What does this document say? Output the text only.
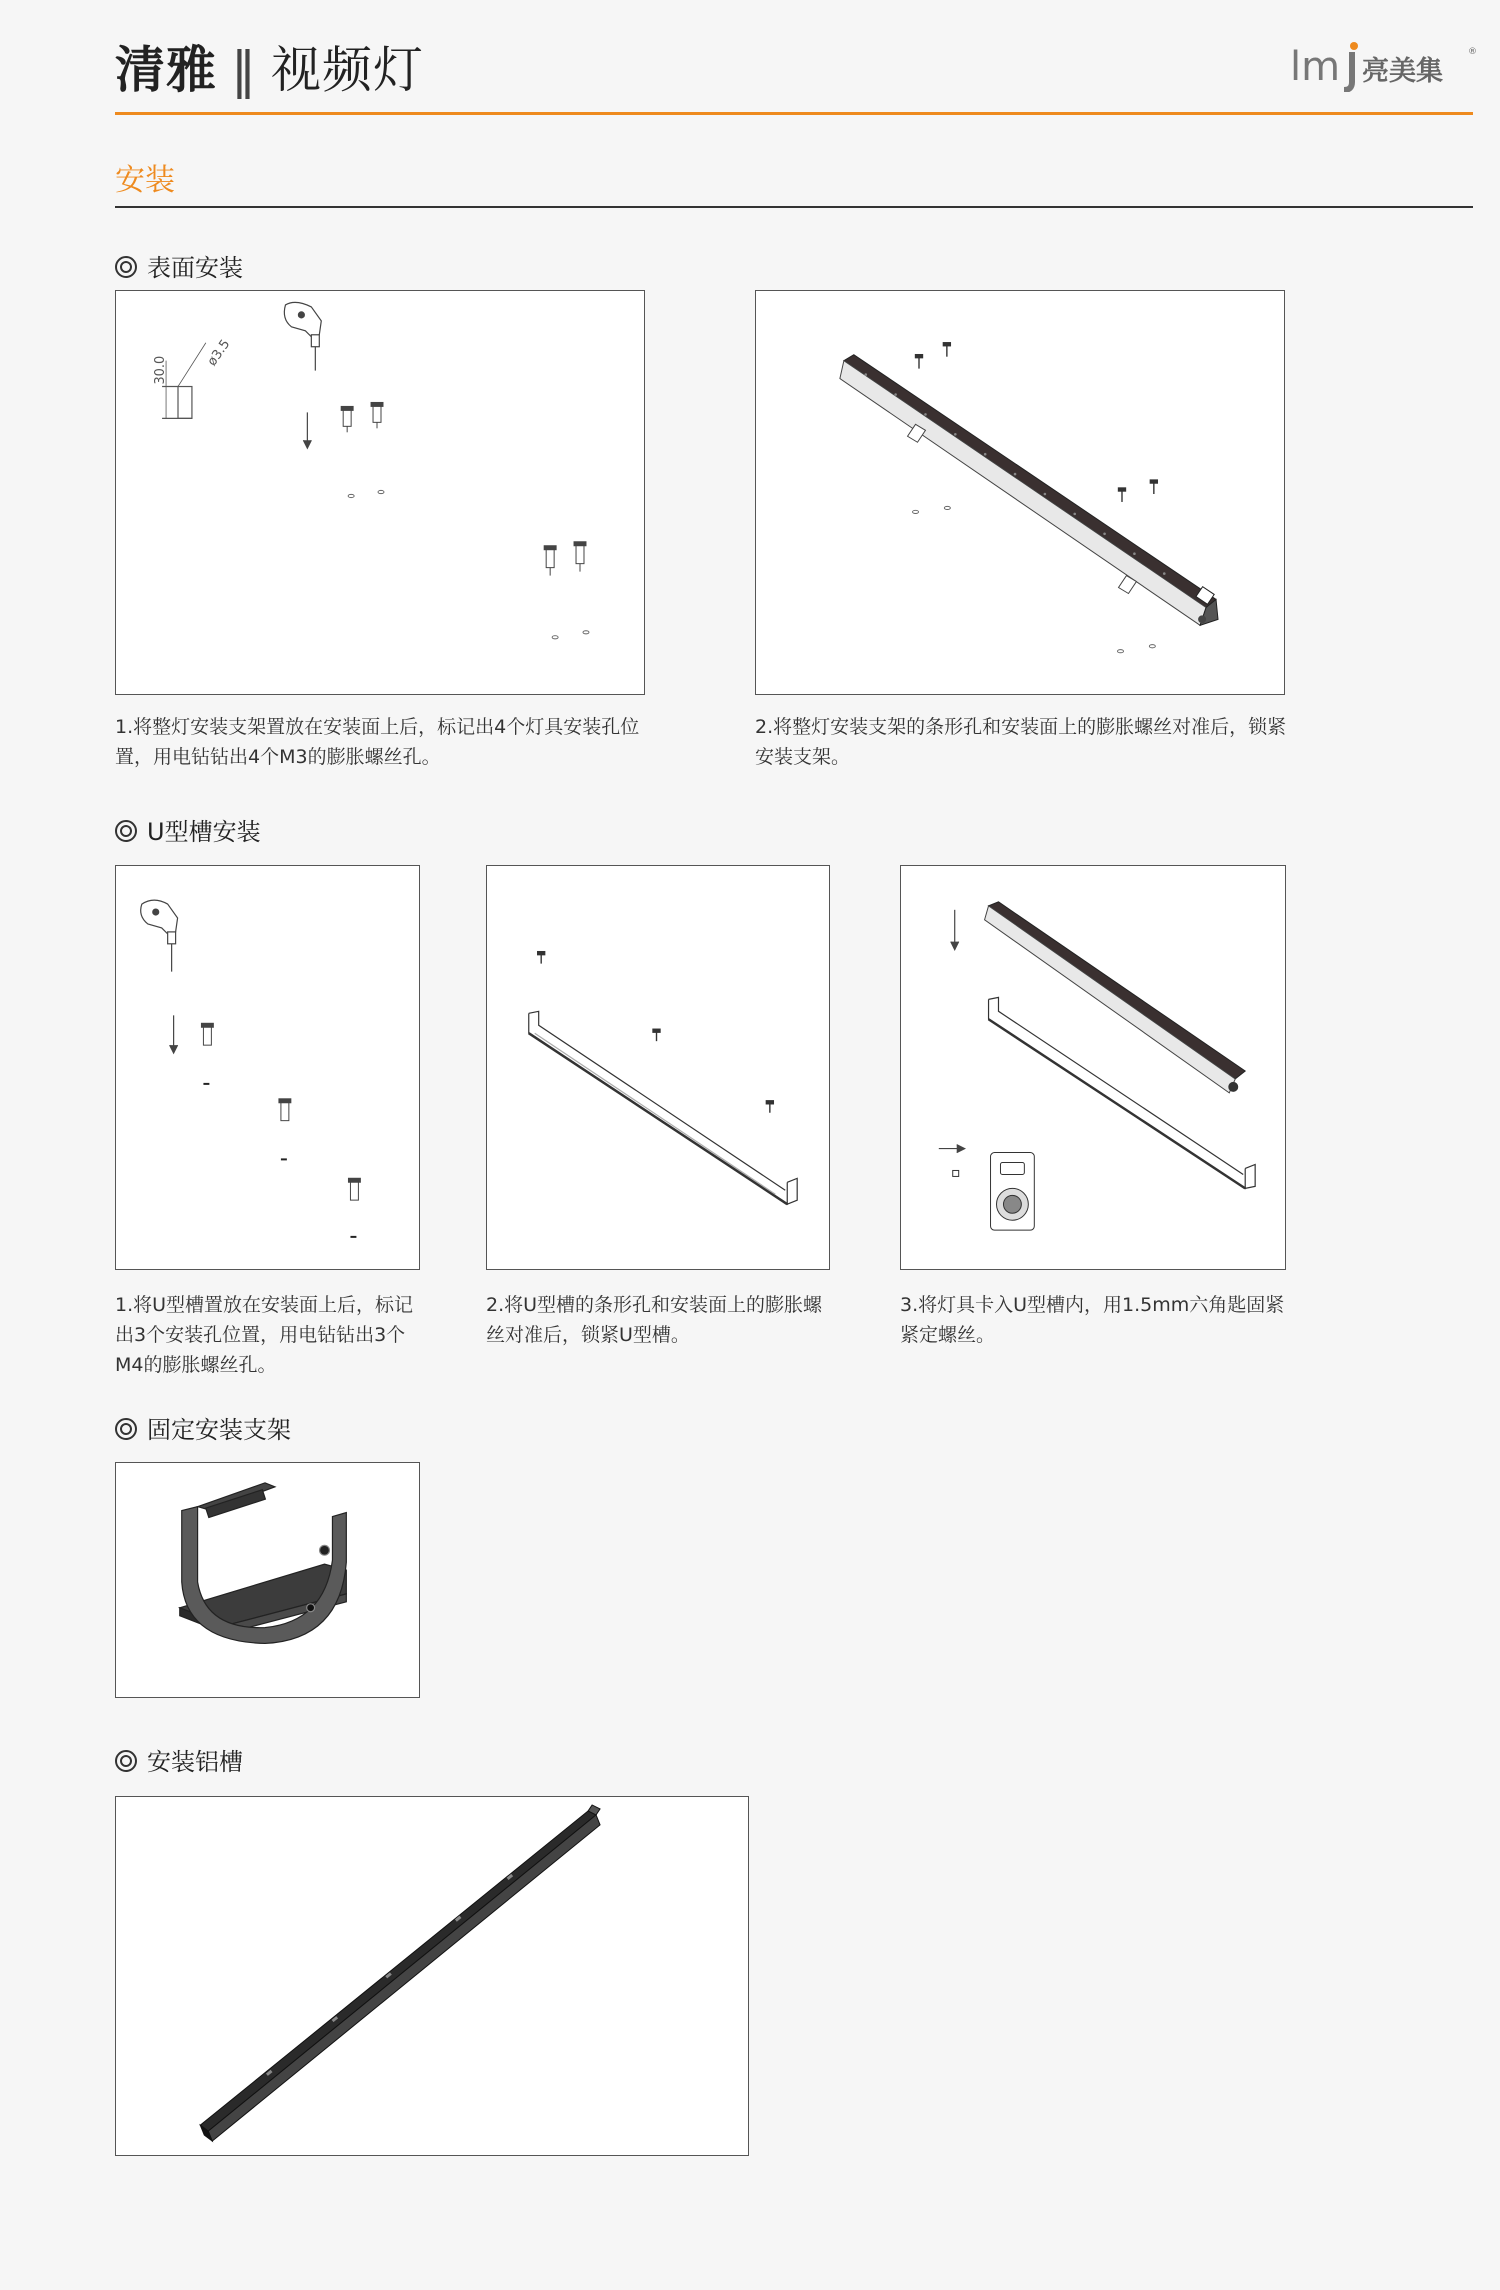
清雅 ‖ 视频灯	lm 亮美集
®
安装
表面安装
30.0
ø3.5
1.将整灯安装支架置放在安装面上后，标记出4个灯具安装孔位置，用电钻钻出4个M3的膨胀螺丝孔。
2.将整灯安装支架的条形孔和安装面上的膨胀螺丝对准后，锁紧安装支架。
U型槽安装
1.将U型槽置放在安装面上后，标记出3个安装孔位置，用电钻钻出3个M4的膨胀螺丝孔。
2.将U型槽的条形孔和安装面上的膨胀螺丝对准后，锁紧U型槽。
3.将灯具卡入U型槽内，用1.5mm六角匙固紧紧定螺丝。
固定安装支架
安装铝槽
